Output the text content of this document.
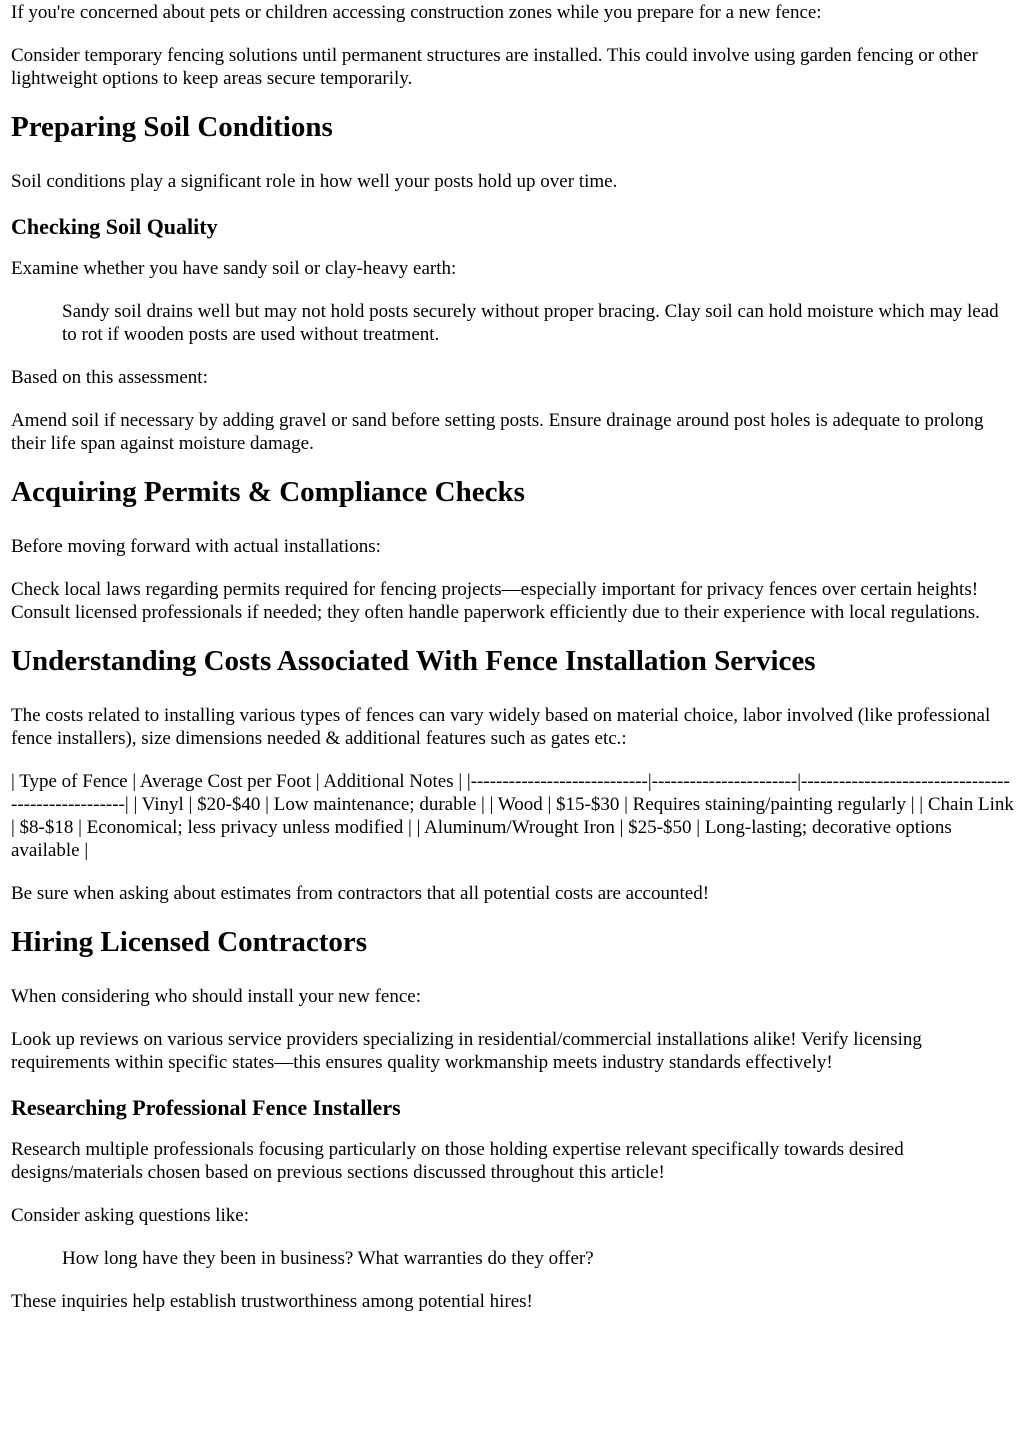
If you're concerned about pets or children accessing construction zones while you prepare for a new fence:

Consider temporary fencing solutions until permanent structures are installed. This could involve using garden fencing or other lightweight options to keep areas secure temporarily.

Preparing Soil Conditions

Soil conditions play a significant role in how well your posts hold up over time.

Checking Soil Quality

Examine whether you have sandy soil or clay-heavy earth:

Sandy soil drains well but may not hold posts securely without proper bracing. Clay soil can hold moisture which may lead to rot if wooden posts are used without treatment.

Based on this assessment:

Amend soil if necessary by adding gravel or sand before setting posts. Ensure drainage around post holes is adequate to prolong their life span against moisture damage.

Acquiring Permits & Compliance Checks

Before moving forward with actual installations:

Check local laws regarding permits required for fencing projects—especially important for privacy fences over certain heights! Consult licensed professionals if needed; they often handle paperwork efficiently due to their experience with local regulations.

Understanding Costs Associated With Fence Installation Services

The costs related to installing various types of fences can vary widely based on material choice, labor involved (like professional fence installers), size dimensions needed & additional features such as gates etc.:

| Type of Fence | Average Cost per Foot | Additional Notes | |----------------------------|-----------------------|---------------------------------------------------| | Vinyl | $20-$40 | Low maintenance; durable | | Wood | $15-$30 | Requires staining/painting regularly | | Chain Link | $8-$18 | Economical; less privacy unless modified | | Aluminum/Wrought Iron | $25-$50 | Long-lasting; decorative options available |

Be sure when asking about estimates from contractors that all potential costs are accounted!

Hiring Licensed Contractors

When considering who should install your new fence:

Look up reviews on various service providers specializing in residential/commercial installations alike! Verify licensing requirements within specific states—this ensures quality workmanship meets industry standards effectively!

Researching Professional Fence Installers

Research multiple professionals focusing particularly on those holding expertise relevant specifically towards desired designs/materials chosen based on previous sections discussed throughout this article!

Consider asking questions like:

How long have they been in business? What warranties do they offer?

These inquiries help establish trustworthiness among potential hires!
